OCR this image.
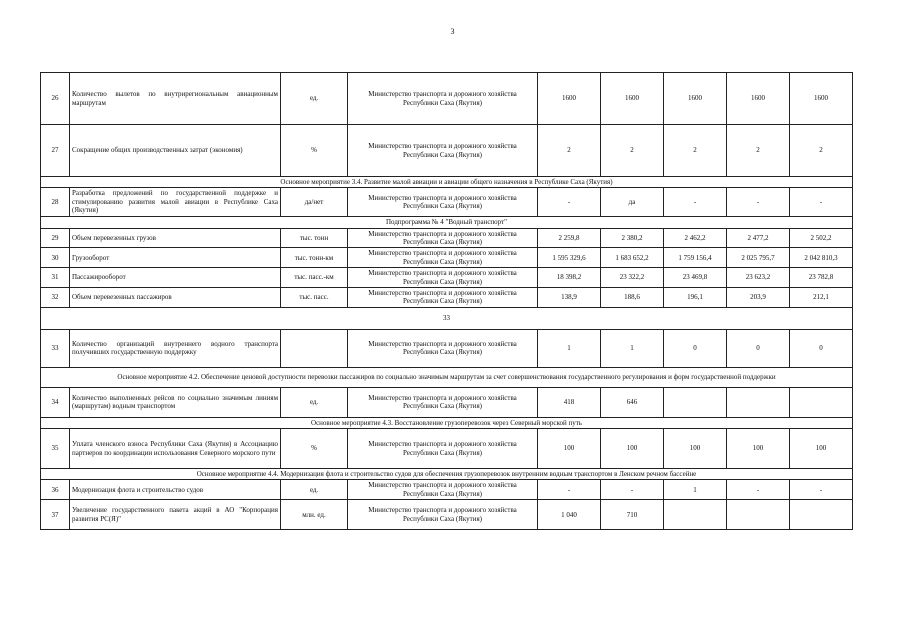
3
26	Количество вылетов по внутрирегиональным авиационным маршрутам	ед.	Министерство транспорта и дорожного хозяйства Республики Саха (Якутия)	1600	1600	1600	1600	1600
27	Сокращение общих производственных затрат (экономия)	%	Министерство транспорта и дорожного хозяйства Республики Саха (Якутия)	2	2	2	2	2
Основное мероприятие 3.4. Развитие малой авиации и авиации общего назначения в Республике Саха (Якутия)								
28	Разработка предложений по государственной поддержке и стимулированию развития малой авиации в Республике Саха (Якутия)	да/нет	Министерство транспорта и дорожного хозяйства Республики Саха (Якутия)	-	да	-	-	-
Подпрограмма № 4 "Водный транспорт"								
29	Объем перевезенных грузов	тыс. тонн	Министерство транспорта и дорожного хозяйства Республики Саха (Якутия)	2 259,8	2 380,2	2 462,2	2 477,2	2 502,2
30	Грузооборот	тыс. тонн-км	Министерство транспорта и дорожного хозяйства Республики Саха (Якутия)	1 595 329,6	1 683 652,2	1 759 156,4	2 025 795,7	2 042 810,3
31	Пассажирооборот	тыс. пасс.-км	Министерство транспорта и дорожного хозяйства Республики Саха (Якутия)	18 398,2	23 322,2	23 469,8	23 623,2	23 782,8
32	Объем перевезенных пассажиров	тыс. пасс.	Министерство транспорта и дорожного хозяйства Республики Саха (Якутия)	138,9	188,6	196,1	203,9	212,1
33								
33	Количество организаций внутреннего водного транспорта получивших государственную поддержку		Министерство транспорта и дорожного хозяйства Республики Саха (Якутия)	1	1	0	0	0
Основное мероприятие 4.2. Обеспечение ценовой доступности перевозки пассажиров по социально значимым маршрутам за счет совершенствования государственного регулирования и форм государственной поддержки								
34	Количество выполненных рейсов по социально значимым линиям (маршрутам) водным транспортом	ед.	Министерство транспорта и дорожного хозяйства Республики Саха (Якутия)	418	646			
Основное мероприятие 4.3. Восстановление грузоперевозок через Северный морской путь								
35	Уплата членского взноса Республики Саха (Якутия) в Ассоциацию партнеров по координации использования Северного морского пути	%	Министерство транспорта и дорожного хозяйства Республики Саха (Якутия)	100	100	100	100	100
Основное мероприятие 4.4. Модернизация флота и строительство судов для обеспечения грузоперевозок внутренним водным транспортом в Ленском речном бассейне								
36	Модернизация флота и строительство судов	ед.	Министерство транспорта и дорожного хозяйства Республики Саха (Якутия)	-	-	1	-	-
37	Увеличение государственного пакета акций в АО "Корпорация развития РС(Я)"	млн. ед.	Министерство транспорта и дорожного хозяйства Республики Саха (Якутия)	1 040	710			
